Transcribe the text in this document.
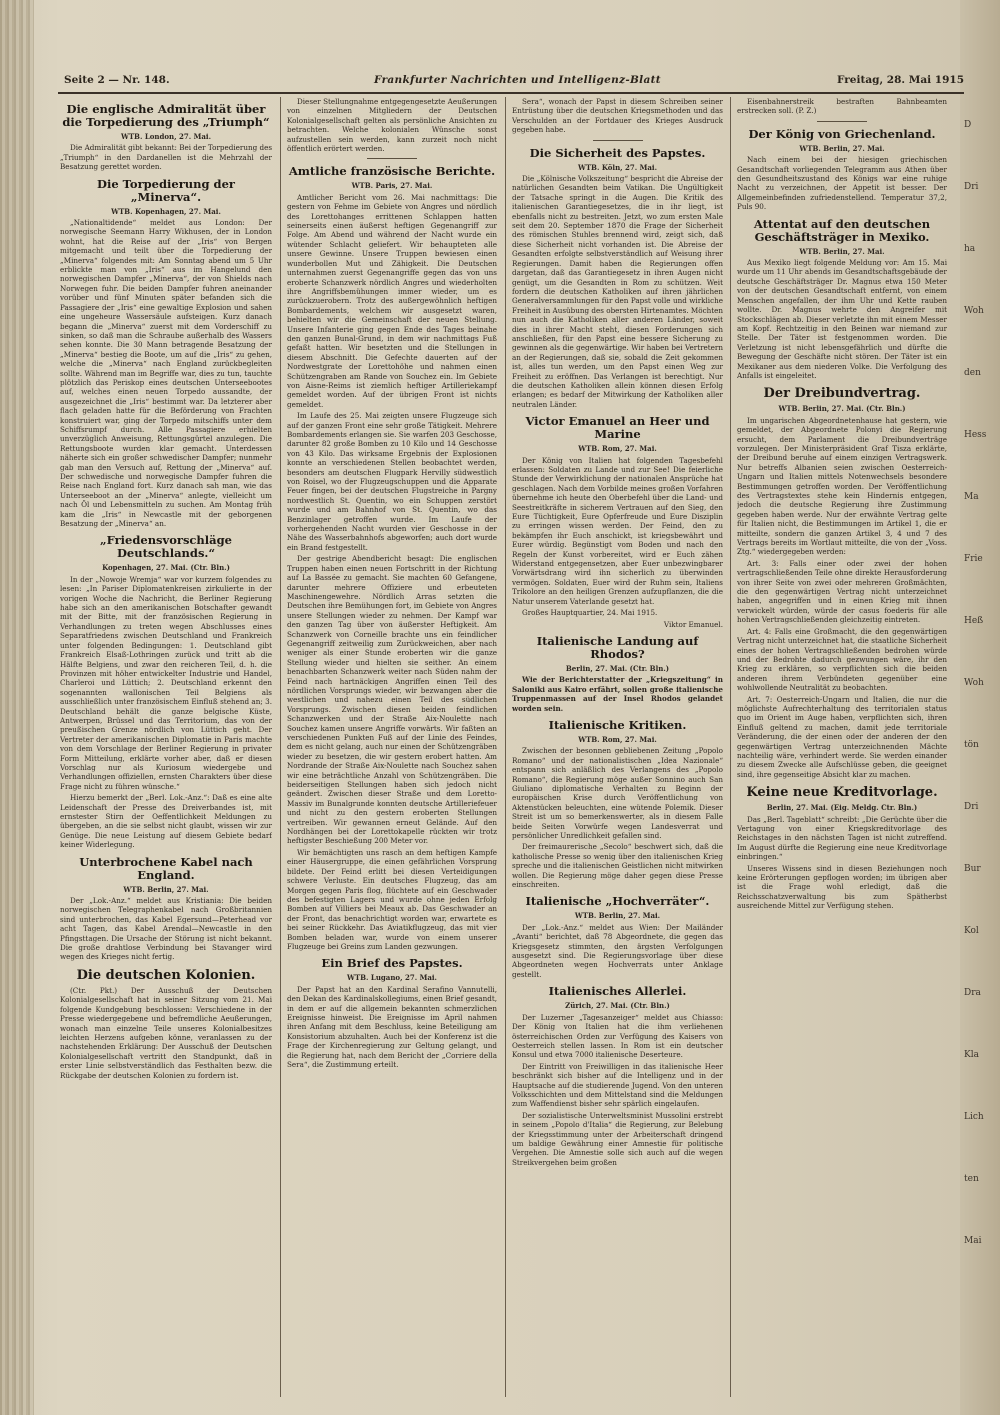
D
Dri
ha
Woh
den
Hess
Ma
Frie
Heß
Woh
tön
Dri
Bur
Kol
Dra
Kla
Lich
ten
Mai
Seite 2 — Nr. 148.	Frankfurter Nachrichten und Intelligenz-Blatt	Freitag, 28. Mai 1915
Die englische Admiralität über die Torpedierung des „Triumph“
WTB. London, 27. Mai.

Die Admiralität gibt bekannt: Bei der Torpedierung des „Triumph“ in den Dardanellen ist die Mehrzahl der Besatzung gerettet worden.

Die Torpedierung der „Minerva“.
WTB. Kopenhagen, 27. Mai.

„Nationaltidende“ meldet aus London: Der norwegische Seemann Harry Wikhusen, der in London wohnt, hat die Reise auf der „Iris“ von Bergen mitgemacht und teilt über die Torpedierung der „Minerva“ folgendes mit: Am Sonntag abend um 5 Uhr erblickte man von „Iris“ aus im Hangelund den norwegischen Dampfer „Minerva“, der von Shields nach Norwegen fuhr. Die beiden Dampfer fuhren aneinander vorüber und fünf Minuten später befanden sich die Passagiere der „Iris“ eine gewaltige Explosion und sahen eine ungeheure Wassersäule aufsteigen. Kurz danach begann die „Minerva“ zuerst mit dem Vorderschiff zu sinken, so daß man die Schraube außerhalb des Wassers sehen konnte. Die 30 Mann betragende Besatzung der „Minerva“ bestieg die Boote, um auf die „Iris“ zu gehen, welche die „Minerva“ nach England zurückbegleiten sollte. Während man im Begriffe war, dies zu tun, tauchte plötzlich das Periskop eines deutschen Unterseebootes auf, welches einen neuen Torpedo aussandte, der ausgezeichnet die „Iris“ bestimmt war. Da letzterer aber flach geladen hatte für die Beförderung von Frachten konstruiert war, ging der Torpedo mitschiffs unter dem Schiffsrumpf durch. Alle Passagiere erhielten unverzüglich Anweisung, Rettungsgürtel anzulegen. Die Rettungsboote wurden klar gemacht. Unterdessen näherte sich ein großer schwedischer Dampfer; nunmehr gab man den Versuch auf, Rettung der „Minerva“ auf. Der schwedische und norwegische Dampfer fuhren die Reise nach England fort. Kurz danach sah man, wie das Unterseeboot an der „Minerva“ anlegte, vielleicht um nach Öl und Lebensmitteln zu suchen. Am Montag früh kam die „Iris“ in Newcastle mit der geborgenen Besatzung der „Minerva“ an.

„Friedensvorschläge Deutschlands.“
Kopenhagen, 27. Mai. (Ctr. Bln.)

In der „Nowoje Wremja“ war vor kurzem folgendes zu lesen: „In Pariser Diplomatenkreisen zirkulierte in der vorigen Woche die Nachricht, die Berliner Regierung habe sich an den amerikanischen Botschafter gewandt mit der Bitte, mit der französischen Regierung in Verhandlungen zu treten wegen Abschlusses eines Separatfriedens zwischen Deutschland und Frankreich unter folgenden Bedingungen: 1. Deutschland gibt Frankreich Elsaß-Lothringen zurück und tritt ab die Hälfte Belgiens, und zwar den reicheren Teil, d. h. die Provinzen mit höher entwickelter Industrie und Handel, Charleroi und Lüttich; 2. Deutschland erkennt den sogenannten wallonischen Teil Belgiens als ausschließlich unter französischem Einfluß stehend an; 3. Deutschland behält die ganze belgische Küste, Antwerpen, Brüssel und das Territorium, das von der preußischen Grenze nördlich von Lüttich geht. Der Vertreter der amerikanischen Diplomatie in Paris machte von dem Vorschlage der Berliner Regierung in privater Form Mitteilung, erklärte vorher aber, daß er diesen Vorschlag nur als Kuriosum wiedergebe und Verhandlungen offiziellen, ernsten Charakters über diese Frage nicht zu führen wünsche.“

Hierzu bemerkt der „Berl. Lok.-Anz.“: Daß es eine alte Leidenschaft der Presse des Dreiverbandes ist, mit ernstester Stirn der Oeffentlichkeit Meldungen zu übergeben, an die sie selbst nicht glaubt, wissen wir zur Genüge. Die neue Leistung auf diesem Gebiete bedarf keiner Widerlegung.

Unterbrochene Kabel nach England.
WTB. Berlin, 27. Mai.

Der „Lok.-Anz.“ meldet aus Kristiania: Die beiden norwegischen Telegraphenkabel nach Großbritannien sind unterbrochen, das Kabel Egersund—Peterhead vor acht Tagen, das Kabel Arendal—Newcastle in den Pfingsttagen. Die Ursache der Störung ist nicht bekannt. Die große drahtlose Verbindung bei Stavanger wird wegen des Krieges nicht fertig.

Die deutschen Kolonien.

(Ctr. Pkt.) Der Ausschuß der Deutschen Kolonialgesellschaft hat in seiner Sitzung vom 21. Mai folgende Kundgebung beschlossen: Verschiedene in der Presse wiedergegebene und befremdliche Aeußerungen, wonach man einzelne Teile unseres Kolonialbesitzes leichten Herzens aufgeben könne, veranlassen zu der nachstehenden Erklärung: Der Ausschuß der Deutschen Kolonialgesellschaft vertritt den Standpunkt, daß in erster Linie selbstverständlich das Festhalten bezw. die Rückgabe der deutschen Kolonien zu fordern ist.

Dieser Stellungnahme entgegengesetzte Aeußerungen von einzelnen Mitgliedern der Deutschen Kolonialgesellschaft gelten als persönliche Ansichten zu betrachten. Welche kolonialen Wünsche sonst aufzustellen sein werden, kann zurzeit noch nicht öffentlich erörtert werden.

Amtliche französische Berichte.
WTB. Paris, 27. Mai.

Amtlicher Bericht vom 26. Mai nachmittags: Die gestern von Fehme im Gebiete von Angres und nördlich des Lorettohanges errittenen Schlappen hatten seinerseits einen äußerst heftigen Gegenangriff zur Folge. Am Abend und während der Nacht wurde ein wütender Schlacht geliefert. Wir behaupteten alle unsere Gewinne. Unsere Truppen bewiesen einen wunderbollen Mut und Zähigkeit. Die Deutschen unternahmen zuerst Gegenangriffe gegen das von uns eroberte Schanzwerk nördlich Angres und wiederholten ihre Angriffsbemühungen immer wieder, um es zurückzuerobern. Trotz des außergewöhnlich heftigen Bombardements, welchem wir ausgesetzt waren, behielten wir die Gemeinschaft der neuen Stellung. Unsere Infanterie ging gegen Ende des Tages beinahe den ganzen Bunal-Grund, in dem wir nachmittags Fuß gefaßt hatten. Wir besetzten und die Stellungen in diesem Abschnitt. Die Gefechte dauerten auf der Nordwestgrate der Lorettohöhe und nahmen einen Schützengraben am Rande von Souchez ein. Im Gebiete von Aisne-Reims ist ziemlich heftiger Artilleriekampf gemeldet worden. Auf der übrigen Front ist nichts gemeldet.

Im Laufe des 25. Mai zeigten unsere Flugzeuge sich auf der ganzen Front eine sehr große Tätigkeit. Mehrere Bombardements erlangen sie. Sie warfen 203 Geschosse, darunter 82 große Bomben zu 10 Kilo und 14 Geschosse von 43 Kilo. Das wirksame Ergebnis der Explosionen konnte an verschiedenen Stellen beobachtet werden, besonders am deutschen Flugpark Hervilly südwestlich von Roisel, wo der Flugzeugschuppen und die Apparate Feuer fingen, bei der deutschen Flugstreiche in Pargny nordwestlich St. Quentin, wo ein Schuppen zerstört wurde und am Bahnhof von St. Quentin, wo das Benzinlager getroffen wurde. Im Laufe der vorhergehenden Nacht wurden vier Geschosse in der Nähe des Wasserbahnhofs abgeworfen; auch dort wurde ein Brand festgestellt.

Der gestrige Abendbericht besagt: Die englischen Truppen haben einen neuen Fortschritt in der Richtung auf La Bassée zu gemacht. Sie machten 60 Gefangene, darunter mehrere Offiziere und erbeuteten Maschinengewehre. Nördlich Arras setzten die Deutschen ihre Bemühungen fort, im Gebiete von Angres unsere Stellungen wieder zu nehmen. Der Kampf war den ganzen Tag über von äußerster Heftigkeit. Am Schanzwerk von Corneille brachte uns ein feindlicher Gegenangriff zeitweilig zum Zurückweichen, aber nach weniger als einer Stunde eroberten wir die ganze Stellung wieder und hielten sie seither. An einem benachbarten Schanzwerk weiter nach Süden nahm der Feind nach hartnäckigen Angriffen einen Teil des nördlichen Vorsprungs wieder, wir bezwangen aber die westlichen und nahezu einen Teil des südlichen Vorsprungs. Zwischen diesen beiden feindlichen Schanzwerken und der Straße Aix-Noulette nach Souchez kamen unsere Angriffe vorwärts. Wir faßten an verschiedenen Punkten Fuß auf der Linie des Feindes, dem es nicht gelang, auch nur einen der Schützengräben wieder zu besetzen, die wir gestern erobert hatten. Am Nordrande der Straße Aix-Noulette nach Souchez sahen wir eine beträchtliche Anzahl von Schützengräben. Die beiderseitigen Stellungen haben sich jedoch nicht geändert. Zwischen dieser Straße und dem Loretto-Massiv im Bunalgrunde konnten deutsche Artilleriefeuer und nicht zu den gestern eroberten Stellungen vertreiben. Wir gewannen erneut Gelände. Auf den Nordhängen bei der Lorettokapelle rückten wir trotz heftigster Beschießung 200 Meter vor.

Wir bemächtigten uns rasch an dem heftigen Kampfe einer Häusergruppe, die einen gefährlichen Vorsprung bildete. Der Feind erlitt bei diesen Verteidigungen schwere Verluste. Ein deutsches Flugzeug, das am Morgen gegen Paris flog, flüchtete auf ein Geschwader des befestigten Lagers und wurde ohne jeden Erfolg Bomben auf Villiers bei Meaux ab. Das Geschwader an der Front, das benachrichtigt worden war, erwartete es bei seiner Rückkehr. Das Aviatikflugzeug, das mit vier Bomben beladen war, wurde von einem unserer Flugzeuge bei Greins zum Landen gezwungen.

Ein Brief des Papstes.
WTB. Lugano, 27. Mai.

Der Papst hat an den Kardinal Serafino Vannutelli, den Dekan des Kardinalskollegiums, einen Brief gesandt, in dem er auf die allgemein bekannten schmerzlichen Ereignisse hinweist. Die Ereignisse im April nahmen ihren Anfang mit dem Beschluss, keine Beteiligung am Konsistorium abzuhalten. Auch bei der Konferenz ist die Frage der Kirchenregierung zur Geltung gelangt, und die Regierung hat, nach dem Bericht der „Corriere della Sera“, die Zustimmung erteilt.

Sera“, wonach der Papst in diesem Schreiben seiner Entrüstung über die deutschen Kriegsmethoden und das Verschulden an der Fortdauer des Krieges Ausdruck gegeben habe.

Die Sicherheit des Papstes.
WTB. Köln, 27. Mai.

Die „Kölnische Volkszeitung“ bespricht die Abreise der natürlichen Gesandten beim Vatikan. Die Ungültigkeit der Tatsache springt in die Augen. Die Kritik des italienischen Garantiegesetzes, die in ihr liegt, ist ebenfalls nicht zu bestreiten. Jetzt, wo zum ersten Male seit dem 20. September 1870 die Frage der Sicherheit des römischen Stuhles brennend wird, zeigt sich, daß diese Sicherheit nicht vorhanden ist. Die Abreise der Gesandten erfolgte selbstverständlich auf Weisung ihrer Regierungen. Damit haben die Regierungen offen dargetan, daß das Garantiegesetz in ihren Augen nicht genügt, um die Gesandten in Rom zu schützen. Weit fordern die deutschen Katholiken auf ihren jährlichen Generalversammlungen für den Papst volle und wirkliche Freiheit in Ausübung des obersten Hirtenamtes. Möchten nun auch die Katholiken aller anderen Länder, soweit dies in ihrer Macht steht, diesen Forderungen sich anschließen, für den Papst eine bessere Sicherung zu gewinnen als die gegenwärtige. Wir haben bei Vertretern an der Regierungen, daß sie, sobald die Zeit gekommen ist, alles tun werden, um den Papst einen Weg zur Freiheit zu eröffnen. Das Verlangen ist berechtigt. Nur die deutschen Katholiken allein können diesen Erfolg erlangen; es bedarf der Mitwirkung der Katholiken aller neutralen Länder.

Victor Emanuel an Heer und Marine
WTB. Rom, 27. Mai.

Der König von Italien hat folgenden Tagesbefehl erlassen: Soldaten zu Lande und zur See! Die feierliche Stunde der Verwirklichung der nationalen Ansprüche hat geschlagen. Nach dem Vorbilde meines großen Vorfahren übernehme ich heute den Oberbefehl über die Land- und Seestreitkräfte in sicherem Vertrauen auf den Sieg, den Eure Tüchtigkeit, Eure Opferfreude und Eure Disziplin zu erringen wissen werden. Der Feind, den zu bekämpfen ihr Euch anschickt, ist kriegsbewährt und Eurer würdig. Begünstigt vom Boden und nach den Regeln der Kunst vorbereitet, wird er Euch zähen Widerstand entgegensetzen, aber Euer unbezwingbarer Vorwärtsdrang wird ihn sicherlich zu überwinden vermögen. Soldaten, Euer wird der Ruhm sein, Italiens Trikolore an den heiligen Grenzen aufzupflanzen, die die Natur unserem Vaterlande gesetzt hat.

Großes Hauptquartier, 24. Mai 1915.

Viktor Emanuel.

Italienische Landung auf Rhodos?
Berlin, 27. Mai. (Ctr. Bln.)

Wie der Berichterstatter der „Kriegszeitung“ in Saloniki aus Kairo erfährt, sollen große italienische Truppenmassen auf der Insel Rhodos gelandet worden sein.

Italienische Kritiken.
WTB. Rom, 27. Mai.

Zwischen der besonnen gebliebenen Zeitung „Popolo Romano“ und der nationalistischen „Idea Nazionale“ entspann sich anläßlich des Verlangens des „Popolo Romano“, die Regierung möge außer Sonnino auch San Giuliano diplomatische Verhalten zu Beginn der europäischen Krise durch Veröffentlichung von Aktenstücken beleuchten, eine wütende Polemik. Dieser Streit ist um so bemerkenswerter, als in diesem Falle beide Seiten Vorwürfe wegen Landesverrat und persönlicher Unredlichkeit gefallen sind.

Der freimaurerische „Secolo“ beschwert sich, daß die katholische Presse so wenig über den italienischen Krieg spreche und die italienischen Geistlichen nicht mitwirken wollen. Die Regierung möge daher gegen diese Presse einschreiten.

Italienische „Hochverräter“.
WTB. Berlin, 27. Mai.

Der „Lok.-Anz.“ meldet aus Wien: Der Mailänder „Avanti“ berichtet, daß 78 Abgeordnete, die gegen das Kriegsgesetz stimmten, den ärgsten Verfolgungen ausgesetzt sind. Die Regierungsvorlage über diese Abgeordneten wegen Hochverrats unter Anklage gestellt.

Italienisches Allerlei.
Zürich, 27. Mai. (Ctr. Bln.)

Der Luzerner „Tagesanzeiger“ meldet aus Chiasso: Der König von Italien hat die ihm verliehenen österreichischen Orden zur Verfügung des Kaisers von Oesterreich stellen lassen. In Rom ist ein deutscher Konsul und etwa 7000 italienische Deserteure.

Der Eintritt von Freiwilligen in das italienische Heer beschränkt sich bisher auf die Intelligenz und in der Hauptsache auf die studierende Jugend. Von den unteren Volksschichten und dem Mittelstand sind die Meldungen zum Waffendienst bisher sehr spärlich eingelaufen.

Der sozialistische Unterweltsminist Mussolini erstrebt in seinem „Popolo d'Italia“ die Regierung, zur Belebung der Kriegsstimmung unter der Arbeiterschaft dringend um baldige Gewährung einer Amnestie für politische Vergehen. Die Amnestie solle sich auch auf die wegen Streikvergehen beim großen

Eisenbahnerstreik bestraften Bahnbeamten erstrecken soll. (P. Z.)

Der König von Griechenland.
WTB. Berlin, 27. Mai.

Nach einem bei der hiesigen griechischen Gesandtschaft vorliegenden Telegramm aus Athen über den Gesundheitszustand des Königs war eine ruhige Nacht zu verzeichnen, der Appetit ist besser. Der Allgemeinbefinden zufriedenstellend. Temperatur 37,2, Puls 90.

Attentat auf den deutschen Geschäftsträger in Mexiko.
WTB. Berlin, 27. Mai.

Aus Mexiko liegt folgende Meldung vor: Am 15. Mai wurde um 11 Uhr abends im Gesandtschaftsgebäude der deutsche Geschäftsträger Dr. Magnus etwa 150 Meter von der deutschen Gesandtschaft entfernt, von einem Menschen angefallen, der ihm Uhr und Kette rauben wollte. Dr. Magnus wehrte den Angreifer mit Stockschlägen ab. Dieser verletzte ihn mit einem Messer am Kopf. Rechtzeitig in den Beinen war niemand zur Stelle. Der Täter ist festgenommen worden. Die Verletzung ist nicht lebensgefährlich und dürfte die Bewegung der Geschäfte nicht stören. Der Täter ist ein Mexikaner aus dem niederen Volke. Die Verfolgung des Anfalls ist eingeleitet.

Der Dreibundvertrag.
WTB. Berlin, 27. Mai. (Ctr. Bln.)

Im ungarischen Abgeordnetenhause hat gestern, wie gemeldet, der Abgeordnete Polonyi die Regierung ersucht, dem Parlament die Dreibundverträge vorzulegen. Der Ministerpräsident Graf Tisza erklärte, der Dreibund beruhe auf einem einzigen Vertragswerk. Nur betreffs Albanien seien zwischen Oesterreich-Ungarn und Italien mittels Notenwechsels besondere Bestimmungen getroffen worden. Der Veröffentlichung des Vertragstextes stehe kein Hindernis entgegen, jedoch die deutsche Regierung ihre Zustimmung gegeben haben werde. Nur der erwähnte Vertrag gelte für Italien nicht, die Bestimmungen im Artikel 1, die er mitteilte, sondern die ganzen Artikel 3, 4 und 7 des Vertrags bereits im Wortlaut mitteilte, die von der „Voss. Ztg.“ wiedergegeben werden:

Art. 3: Falls einer oder zwei der hohen vertragschließenden Teile ohne direkte Herausforderung von ihrer Seite von zwei oder mehreren Großmächten, die den gegenwärtigen Vertrag nicht unterzeichnet haben, angegriffen und in einen Krieg mit ihnen verwickelt würden, würde der casus foederis für alle hohen Vertragschließenden gleichzeitig eintreten.

Art. 4: Falls eine Großmacht, die den gegenwärtigen Vertrag nicht unterzeichnet hat, die staatliche Sicherheit eines der hohen Vertragschließenden bedrohen würde und der Bedrohte dadurch gezwungen wäre, ihr den Krieg zu erklären, so verpflichten sich die beiden anderen ihrem Verbündeten gegenüber eine wohlwollende Neutralität zu beobachten.

Art. 7: Oesterreich-Ungarn und Italien, die nur die möglichste Aufrechterhaltung des territorialen status quo im Orient im Auge haben, verpflichten sich, ihren Einfluß geltend zu machen, damit jede territoriale Veränderung, die der einen oder der anderen der den gegenwärtigen Vertrag unterzeichnenden Mächte nachteilig wäre, verhindert werde. Sie werden einander zu diesem Zwecke alle Aufschlüsse geben, die geeignet sind, ihre gegenseitige Absicht klar zu machen.

Keine neue Kreditvorlage.
Berlin, 27. Mai. (Eig. Meldg. Ctr. Bln.)

Das „Berl. Tageblatt“ schreibt: „Die Gerüchte über die Vertagung von einer Kriegskreditvorlage des Reichstages in den nächsten Tagen ist nicht zutreffend. Im August dürfte die Regierung eine neue Kreditvorlage einbringen.“

Unseres Wissens sind in diesen Beziehungen noch keine Erörterungen gepflogen worden; im übrigen aber ist die Frage wohl erledigt, daß die Reichsschatzverwaltung bis zum Spätherbst ausreichende Mittel zur Verfügung stehen.
